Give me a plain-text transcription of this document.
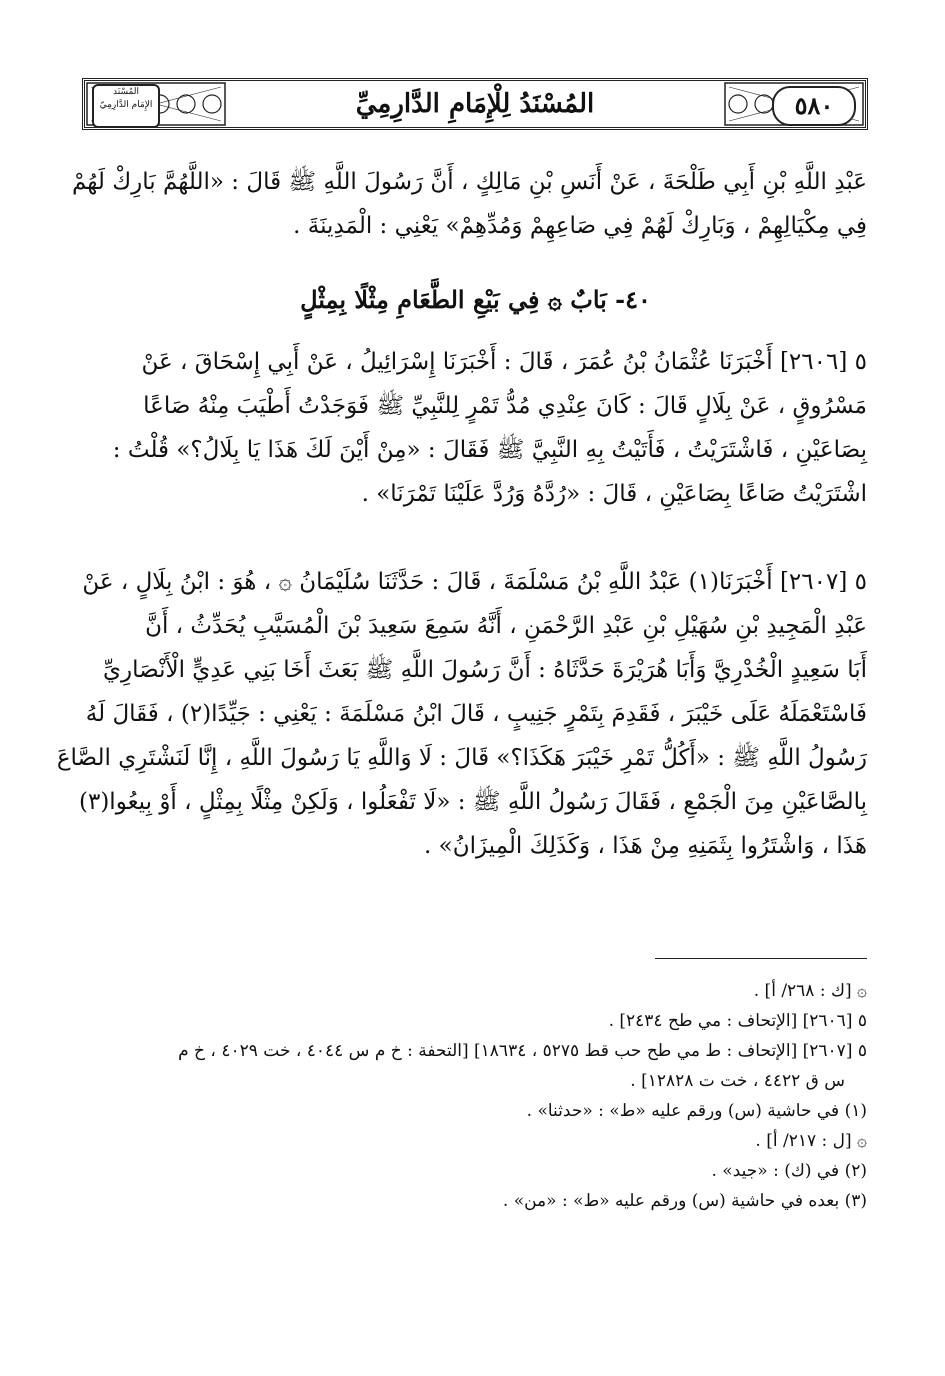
المُسْنَد
الإِمَام الدَّارِمِيّ	المُسْنَدُ لِلْإِمَامِ الدَّارِمِيِّ	٥٨٠
عَبْدِ اللَّهِ بْنِ أَبِي طَلْحَةَ ، عَنْ أَنَسِ بْنِ مَالِكٍ ، أَنَّ رَسُولَ اللَّهِ ﷺ قَالَ : «اللَّهُمَّ بَارِكْ لَهُمْ
فِي مِكْيَالِهِمْ ، وَبَارِكْ لَهُمْ فِي صَاعِهِمْ وَمُدِّهِمْ» يَعْنِي : الْمَدِينَةَ .
٤٠- بَابٌ ۞ فِي بَيْعِ الطَّعَامِ مِثْلًا بِمِثْلٍ
٥ [٢٦٠٦] أَخْبَرَنَا عُثْمَانُ بْنُ عُمَرَ ، قَالَ : أَخْبَرَنَا إِسْرَائِيلُ ، عَنْ أَبِي إِسْحَاقَ ، عَنْ
مَسْرُوقٍ ، عَنْ بِلَالٍ قَالَ : كَانَ عِنْدِي مُدُّ تَمْرٍ لِلنَّبِيِّ ﷺ فَوَجَدْتُ أَطْيَبَ مِنْهُ صَاعًا
بِصَاعَيْنِ ، فَاشْتَرَيْتُ ، فَأَتَيْتُ بِهِ النَّبِيَّ ﷺ فَقَالَ : «مِنْ أَيْنَ لَكَ هَذَا يَا بِلَالُ؟» قُلْتُ :
اشْتَرَيْتُ صَاعًا بِصَاعَيْنِ ، قَالَ : «رُدَّهُ وَرُدَّ عَلَيْنَا تَمْرَنَا» .
٥ [٢٦٠٧] أَخْبَرَنَا(١) عَبْدُ اللَّهِ بْنُ مَسْلَمَةَ ، قَالَ : حَدَّثَنَا سُلَيْمَانُ ۞ ، هُوَ : ابْنُ بِلَالٍ ، عَنْ
عَبْدِ الْمَجِيدِ بْنِ سُهَيْلِ بْنِ عَبْدِ الرَّحْمَنِ ، أَنَّهُ سَمِعَ سَعِيدَ بْنَ الْمُسَيَّبِ يُحَدِّثُ ، أَنَّ
أَبَا سَعِيدٍ الْخُدْرِيَّ وَأَبَا هُرَيْرَةَ حَدَّثَاهُ : أَنَّ رَسُولَ اللَّهِ ﷺ بَعَثَ أَخَا بَنِي عَدِيٍّ الْأَنْصَارِيِّ
فَاسْتَعْمَلَهُ عَلَى خَيْبَرَ ، فَقَدِمَ بِتَمْرٍ جَنِيبٍ ، قَالَ ابْنُ مَسْلَمَةَ : يَعْنِي : جَيِّدًا(٢) ، فَقَالَ لَهُ
رَسُولُ اللَّهِ ﷺ : «أَكُلُّ تَمْرِ خَيْبَرَ هَكَذَا؟» قَالَ : لَا وَاللَّهِ يَا رَسُولَ اللَّهِ ، إِنَّا لَنَشْتَرِي الصَّاعَ
بِالصَّاعَيْنِ مِنَ الْجَمْعِ ، فَقَالَ رَسُولُ اللَّهِ ﷺ : «لَا تَفْعَلُوا ، وَلَكِنْ مِثْلًا بِمِثْلٍ ، أَوْ بِيعُوا(٣)
هَذَا ، وَاشْتَرُوا بِثَمَنِهِ مِنْ هَذَا ، وَكَذَلِكَ الْمِيزَانُ» .
۞ [ك : ٢٦٨/ أ] .
٥ [٢٦٠٦] [الإتحاف : مي طح ٢٤٣٤] .
٥ [٢٦٠٧] [الإتحاف : ط مي طح حب قط ٥٢٧٥ ، ١٨٦٣٤] [التحفة : خ م س ٤٠٤٤ ، خت ٤٠٢٩ ، خ م
س ق ٤٤٢٢ ، خت ت ١٢٨٢٨] .
(١) في حاشية (س) ورقم عليه «ط» : «حدثنا» .
۞ [ل : ٢١٧/ أ] .
(٢) في (ك) : «جيد» .
(٣) بعده في حاشية (س) ورقم عليه «ط» : «من» .
